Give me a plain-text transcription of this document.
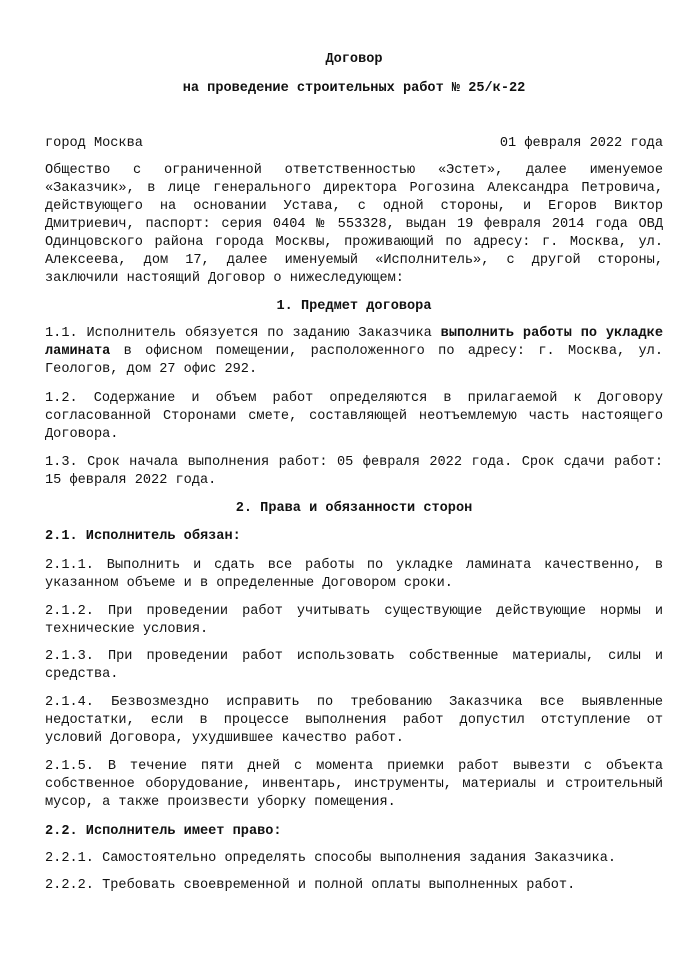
Договор
на проведение строительных работ № 25/к-22
город Москва	01 февраля 2022 года

Общество с ограниченной ответственностью «Эстет», далее именуемое «Заказчик», в лице генерального директора Рогозина Александра Петровича, действующего на основании Устава, с одной стороны, и Егоров Виктор Дмитриевич, паспорт: серия 0404 № 553328, выдан 19 февраля 2014 года ОВД Одинцовского района города Москвы, проживающий по адресу: г. Москва, ул. Алексеева, дом 17, далее именуемый «Исполнитель», с другой стороны, заключили настоящий Договор о нижеследующем:

1. Предмет договора

1.1. Исполнитель обязуется по заданию Заказчика выполнить работы по укладке ламината в офисном помещении, расположенного по адресу: г. Москва, ул. Геологов, дом 27 офис 292.

1.2. Содержание и объем работ определяются в прилагаемой к Договору согласованной Сторонами смете, составляющей неотъемлемую часть настоящего Договора.

1.3. Срок начала выполнения работ: 05 февраля 2022 года. Срок сдачи работ: 15 февраля 2022 года.

2. Права и обязанности сторон
2.1. Исполнитель обязан:

2.1.1. Выполнить и сдать все работы по укладке ламината качественно, в указанном объеме и в определенные Договором сроки.

2.1.2. При проведении работ учитывать существующие действующие нормы и технические условия.

2.1.3. При проведении работ использовать собственные материалы, силы и средства.

2.1.4. Безвозмездно исправить по требованию Заказчика все выявленные недостатки, если в процессе выполнения работ допустил отступление от условий Договора, ухудшившее качество работ.

2.1.5. В течение пяти дней с момента приемки работ вывезти с объекта собственное оборудование, инвентарь, инструменты, материалы и строительный мусор, а также произвести уборку помещения.

2.2. Исполнитель имеет право:

2.2.1. Самостоятельно определять способы выполнения задания Заказчика.

2.2.2. Требовать своевременной и полной оплаты выполненных работ.
